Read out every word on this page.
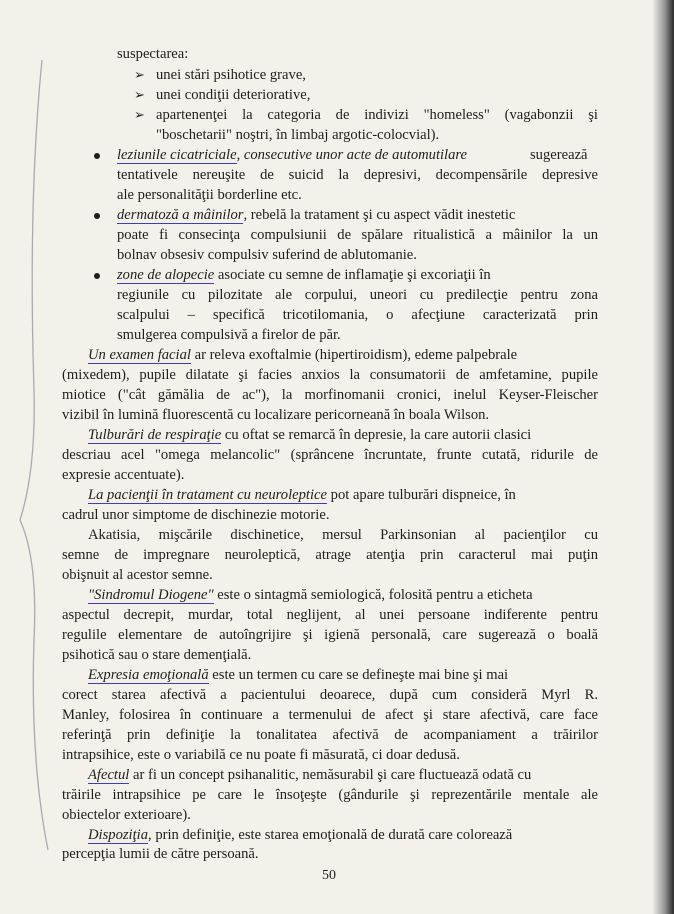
suspectarea:
➢ unei stări psihotice grave,
➢ unei condiţii deteriorative,
➢ apartenenţei la categoria de indivizi "homeless" (vagabonzii şi
"boschetarii" noştri, în limbaj argotic-colocvial).
leziunile cicatriciale, consecutive unor acte de automutilare	sugerează
tentativele nereuşite de suicid la depresivi, decompensările depresive
ale personalităţii borderline etc.
dermatoză a mâinilor, rebelă la tratament şi cu aspect vădit inestetic
poate fi consecinţa compulsiunii de spălare ritualistică a mâinilor la un
bolnav obsesiv compulsiv suferind de ablutomanie.
zone de alopecie asociate cu semne de inflamaţie şi excoriaţii în
regiunile cu pilozitate ale corpului, uneori cu predilecţie pentru zona
scalpului – specifică tricotilomania, o afecţiune caracterizată prin
smulgerea compulsivă a firelor de păr.
Un examen facial ar releva exoftalmie (hipertiroidism), edeme palpebrale
(mixedem), pupile dilatate şi facies anxios la consumatorii de amfetamine, pupile
miotice ("cât gămălia de ac"), la morfinomanii cronici, inelul Keyser-Fleischer
vizibil în lumină fluorescentă cu localizare pericorneană în boala Wilson.
Tulburări de respiraţie cu oftat se remarcă în depresie, la care autorii clasici
descriau acel "omega melancolic" (sprâncene încruntate, frunte cutată, ridurile de
expresie accentuate).
La pacienţii în tratament cu neuroleptice pot apare tulburări dispneice, în
cadrul unor simptome de dischinezie motorie.
Akatisia, mişcările dischinetice, mersul Parkinsonian al pacienţilor cu
semne de impregnare neuroleptică, atrage atenţia prin caracterul mai puţin
obişnuit al acestor semne.
"Sindromul Diogene" este o sintagmă semiologică, folosită pentru a eticheta
aspectul decrepit, murdar, total neglijent, al unei persoane indiferente pentru
regulile elementare de autoîngrijire şi igienă personală, care sugerează o boală
psihotică sau o stare demenţială.
Expresia emoţională este un termen cu care se defineşte mai bine şi mai
corect starea afectivă a pacientului deoarece, după cum consideră Myrl R.
Manley, folosirea în continuare a termenului de afect şi stare afectivă, care face
referinţă prin definiţie la tonalitatea afectivă de acompaniament a trăirilor
intrapsihice, este o variabilă ce nu poate fi măsurată, ci doar dedusă.
Afectul ar fi un concept psihanalitic, nemăsurabil şi care fluctuează odată cu
trăirile intrapsihice pe care le însoţeşte (gândurile şi reprezentările mentale ale
obiectelor exterioare).
Dispoziţia, prin definiţie, este starea emoţională de durată care colorează
percepţia lumii de către persoană.
50
